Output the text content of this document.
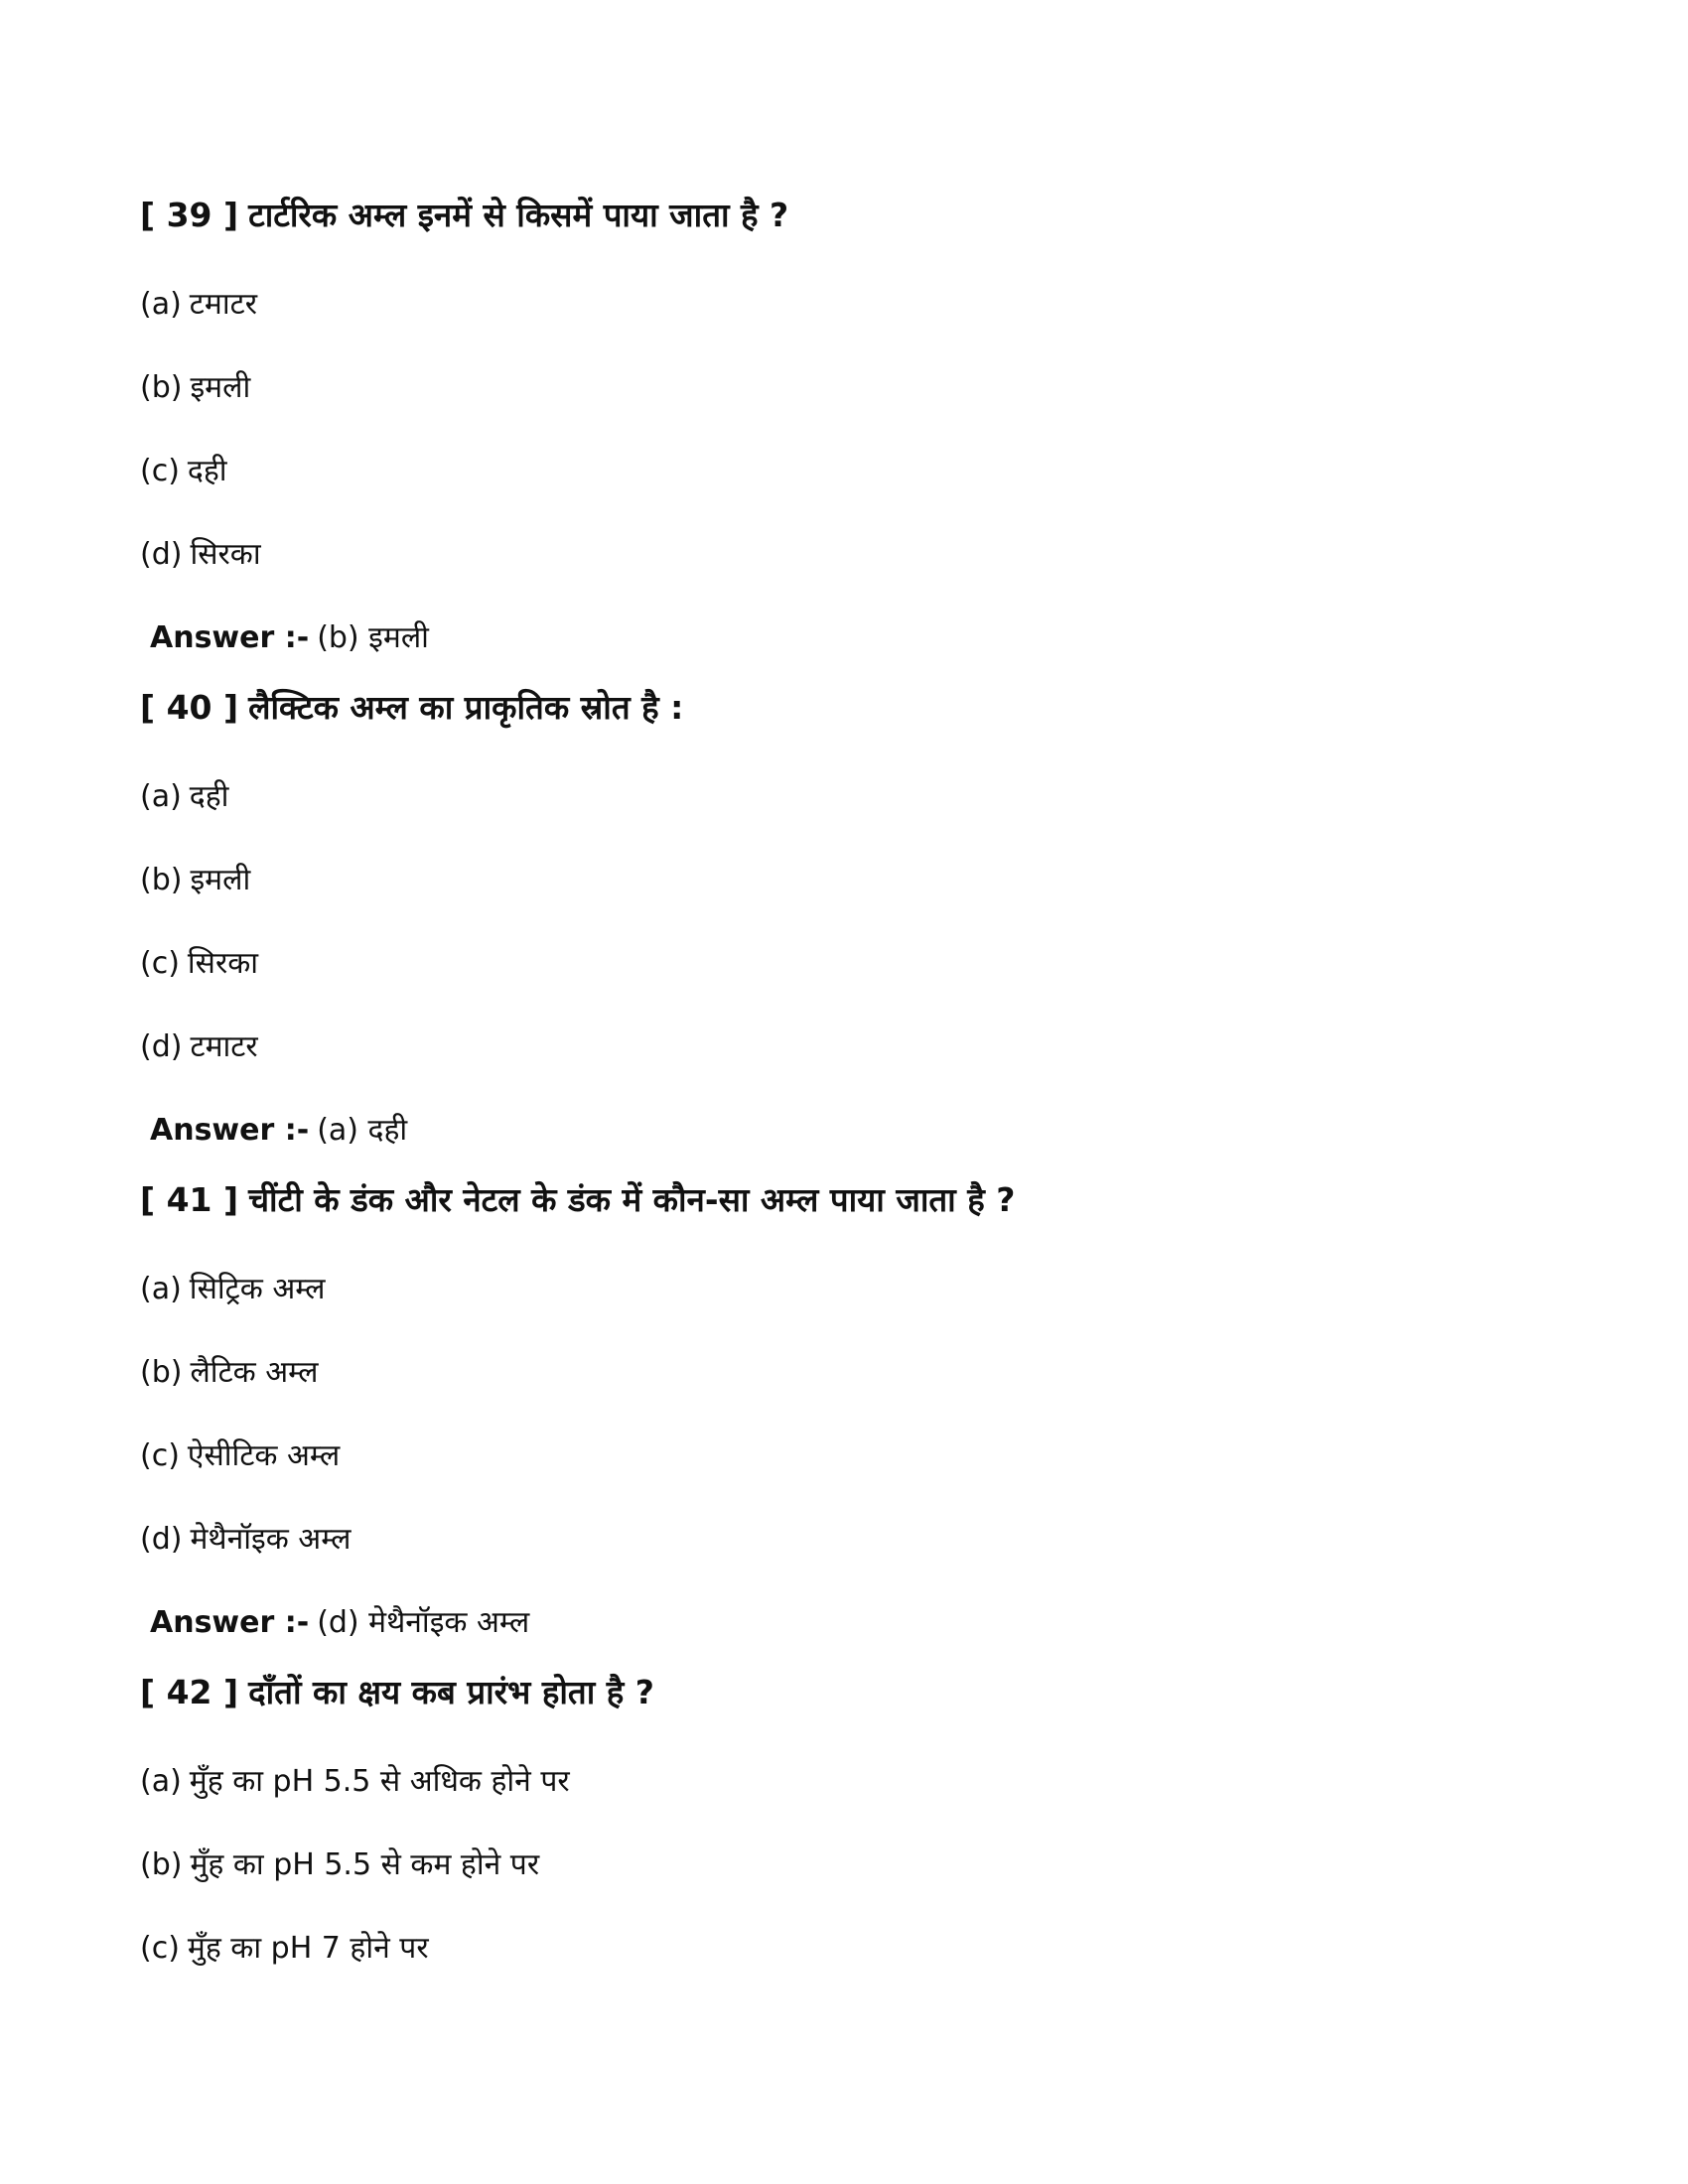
[ 39 ] टार्टरिक अम्ल इनमें से किसमें पाया जाता है ?

(a) टमाटर

(b) इमली

(c) दही

(d) सिरका

Answer :- (b) इमली

[ 40 ] लैक्टिक अम्ल का प्राकृतिक स्रोत है :

(a) दही

(b) इमली

(c) सिरका

(d) टमाटर

Answer :- (a) दही

[ 41 ] चींटी के डंक और नेटल के डंक में कौन-सा अम्ल पाया जाता है ?

(a) सिट्रिक अम्ल

(b) लैटिक अम्ल

(c) ऐसीटिक अम्ल

(d) मेथैनॉइक अम्ल

Answer :- (d) मेथैनॉइक अम्ल

[ 42 ] दाँतों का क्षय कब प्रारंभ होता है ?

(a) मुँह का pH 5.5 से अधिक होने पर

(b) मुँह का pH 5.5 से कम होने पर

(c) मुँह का pH 7 होने पर
